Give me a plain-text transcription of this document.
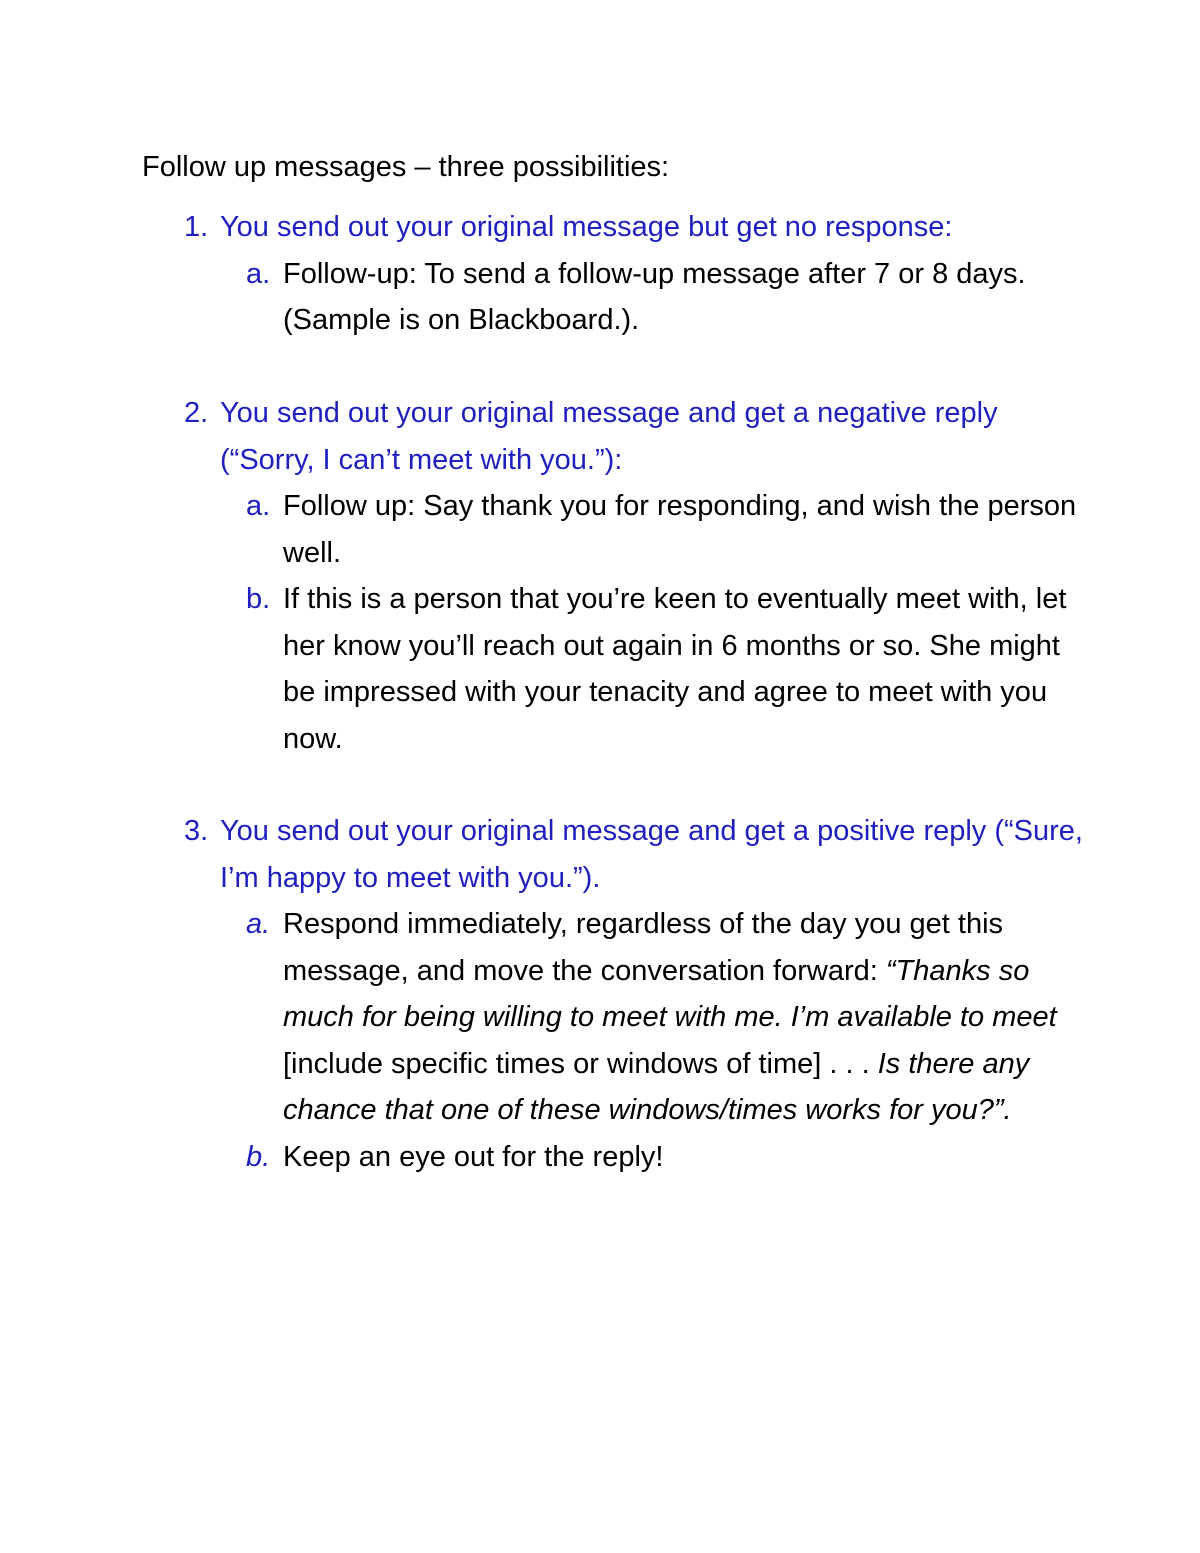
Follow up messages – three possibilities:
1. You send out your original message but get no response:
a. Follow-up: To send a follow-up message after 7 or 8 days. (Sample is on Blackboard.).
2. You send out your original message and get a negative reply (“Sorry, I can’t meet with you.”):
a. Follow up: Say thank you for responding, and wish the person well.
b. If this is a person that you’re keen to eventually meet with, let her know you’ll reach out again in 6 months or so. She might be impressed with your tenacity and agree to meet with you now.
3. You send out your original message and get a positive reply (“Sure, I’m happy to meet with you.”).
a. Respond immediately, regardless of the day you get this message, and move the conversation forward: “Thanks so much for being willing to meet with me. I’m available to meet [include specific times or windows of time] . . . Is there any chance that one of these windows/times works for you?”.
b. Keep an eye out for the reply!
